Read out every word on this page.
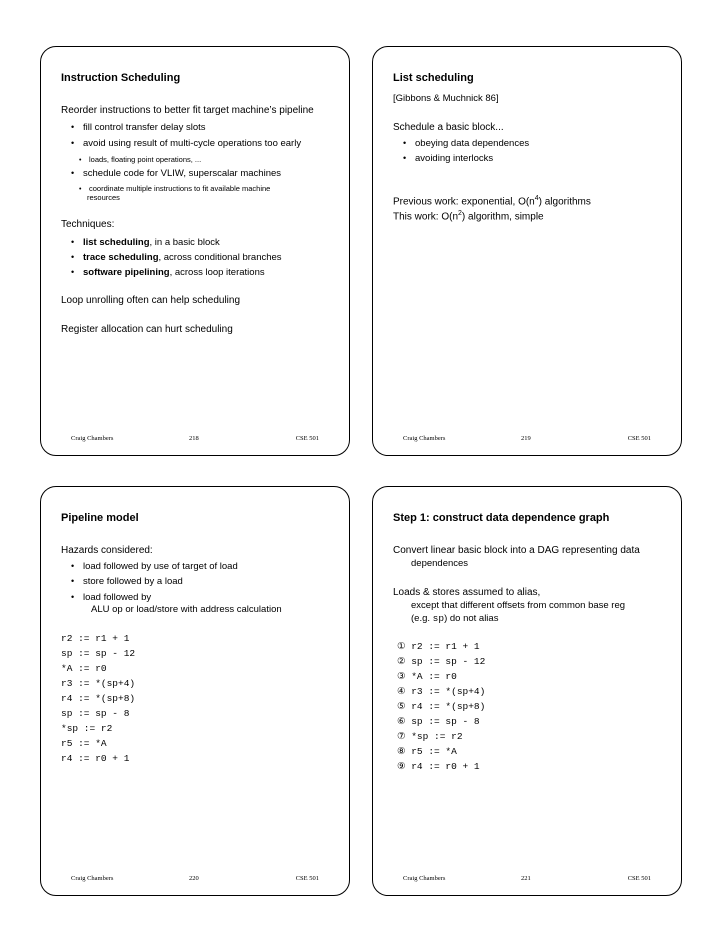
Instruction Scheduling
Reorder instructions to better fit target machine’s pipeline
• fill control transfer delay slots
• avoid using result of multi-cycle operations too early
• loads, floating point operations, ...
• schedule code for VLIW, superscalar machines
• coordinate multiple instructions to fit available machine
resources
Techniques:
• list scheduling, in a basic block
• trace scheduling, across conditional branches
• software pipelining, across loop iterations
Loop unrolling often can help scheduling
Register allocation can hurt scheduling
Craig Chambers	218	CSE 501
List scheduling
[Gibbons & Muchnick 86]
Schedule a basic block...
• obeying data dependences
• avoiding interlocks
Previous work: exponential, $O(n^4)$ algorithms
This work: $O(n^2)$ algorithm, simple
Craig Chambers	219	CSE 501
Pipeline model
Hazards considered:
• load followed by use of target of load
• store followed by a load
• load followed by
ALU op or load/store with address calculation
r2 := r1 + 1
sp := sp - 12
*A := r0
r3 := *(sp+4)
r4 := *(sp+8)
sp := sp - 8
*sp := r2
r5 := *A
r4 := r0 + 1
Craig Chambers	220	CSE 501
Step 1: construct data dependence graph
Convert linear basic block into a DAG representing data
dependences
Loads & stores assumed to alias,
except that different offsets from common base reg
(e.g. sp) do not alias
① r2 := r1 + 1
② sp := sp - 12
③ *A := r0
④ r3 := *(sp+4)
⑤ r4 := *(sp+8)
⑥ sp := sp - 8
⑦ *sp := r2
⑧ r5 := *A
⑨ r4 := r0 + 1
Craig Chambers	221	CSE 501
